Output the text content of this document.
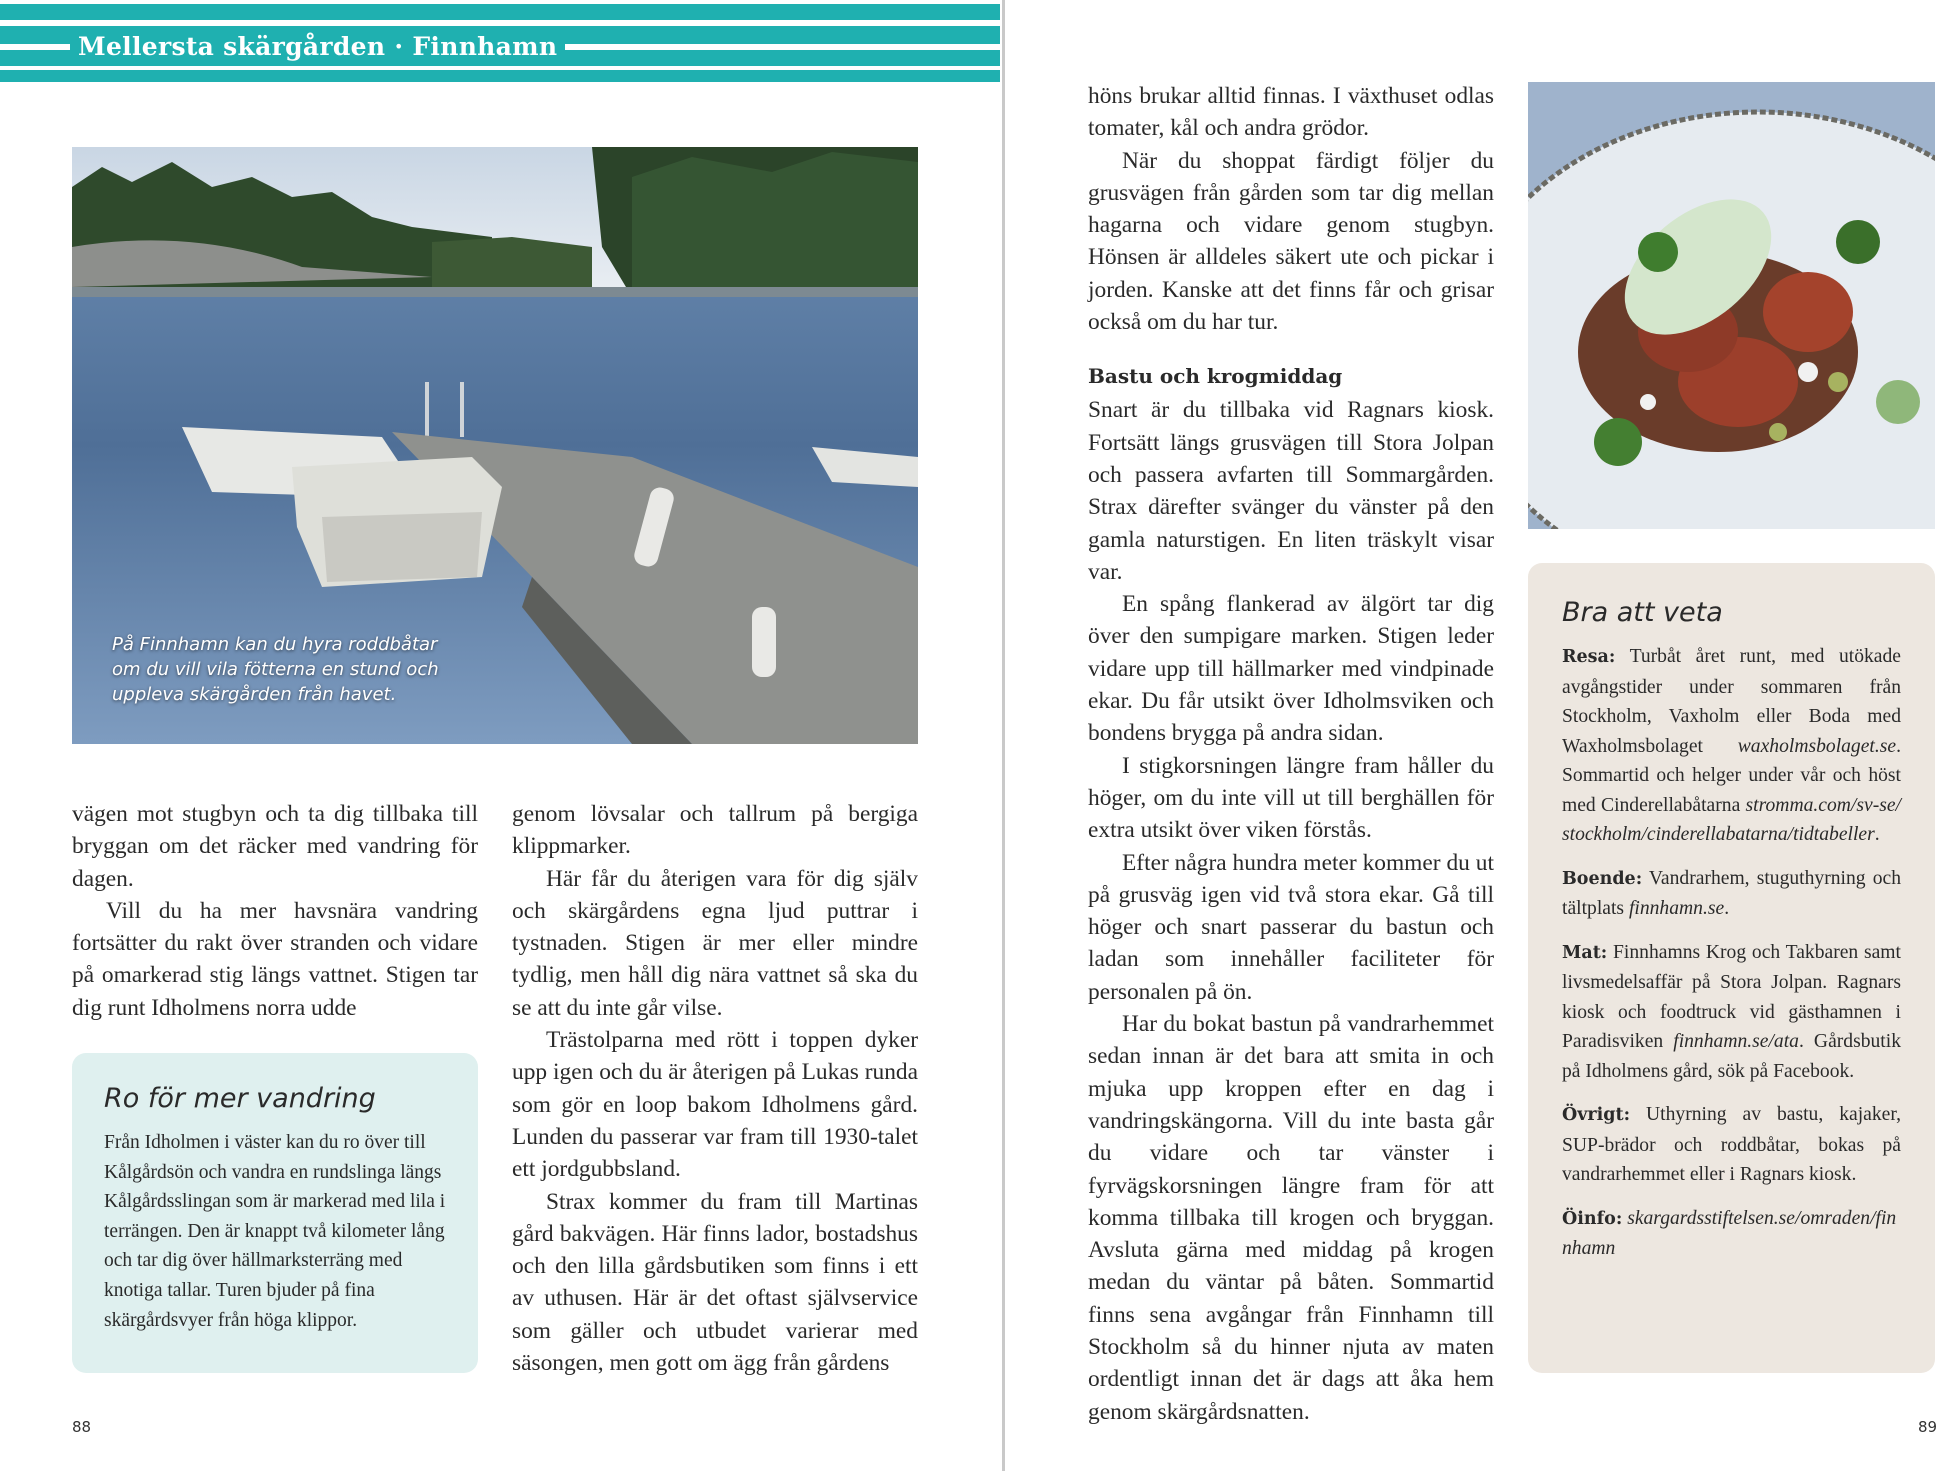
Mellersta skärgården · Finnhamn
På Finnhamn kan du hyra roddbåtar om du vill vila fötterna en stund och uppleva skärgården från havet.

vägen mot stugbyn och ta dig tillbaka till bryggan om det räcker med vandring för dagen.

Vill du ha mer havsnära vandring fortsätter du rakt över stranden och vidare på omarkerad stig längs vattnet. Stigen tar dig runt Idholmens norra udde

genom lövsalar och tallrum på bergiga klippmarker.

Här får du återigen vara för dig själv och skärgårdens egna ljud puttrar i tystnaden. Stigen är mer eller mindre tydlig, men håll dig nära vattnet så ska du se att du inte går vilse.

Trästolparna med rött i toppen dyker upp igen och du är återigen på Lukas runda som gör en loop bakom Idholmens gård. Lunden du passerar var fram till 1930-talet ett jordgubbsland.

Strax kommer du fram till Martinas gård bakvägen. Här finns lador, bostadshus och den lilla gårdsbutiken som finns i ett av uthusen. Här är det oftast självservice som gäller och utbudet varierar med säsongen, men gott om ägg från gårdens

Ro för mer vandring

Från Idholmen i väster kan du ro över till Kålgårdsön och vandra en rundslinga längs Kålgårdsslingan som är markerad med lila i terrängen. Den är knappt två kilometer lång och tar dig över hällmarksterräng med knotiga tallar. Turen bjuder på fina skärgårdsvyer från höga klippor.

88

höns brukar alltid finnas. I växthuset odlas tomater, kål och andra grödor.

När du shoppat färdigt följer du grusvägen från gården som tar dig mellan hagarna och vidare genom stugbyn. Hönsen är alldeles säkert ute och pickar i jorden. Kanske att det finns får och grisar också om du har tur.

Bastu och krogmiddag

Snart är du tillbaka vid Ragnars kiosk. Fortsätt längs grusvägen till Stora Jolpan och passera avfarten till Sommargården. Strax därefter svänger du vänster på den gamla naturstigen. En liten träskylt visar var.

En spång flankerad av älgört tar dig över den sumpigare marken. Stigen leder vidare upp till hällmarker med vindpinade ekar. Du får utsikt över Idholmsviken och bondens brygga på andra sidan.

I stigkorsningen längre fram håller du höger, om du inte vill ut till berghällen för extra utsikt över viken förstås.

Efter några hundra meter kommer du ut på grusväg igen vid två stora ekar. Gå till höger och snart passerar du bastun och ladan som innehåller faciliteter för personalen på ön.

Har du bokat bastun på vandrarhemmet sedan innan är det bara att smita in och mjuka upp kroppen efter en dag i vandringskängorna. Vill du inte basta går du vidare och tar vänster i fyrvägskorsningen längre fram för att komma tillbaka till krogen och bryggan. Avsluta gärna med middag på krogen medan du väntar på båten. Sommartid finns sena avgångar från Finnhamn till Stockholm så du hinner njuta av maten ordentligt innan det är dags att åka hem genom skärgårdsnatten.

Bra att veta

Resa: Turbåt året runt, med utökade avgångstider under sommaren från Stockholm, Vaxholm eller Boda med Waxholmsbolaget waxholmsbolaget.se. Sommartid och helger under vår och höst med Cinderellabåtarna stromma.com/sv-se/stockholm/cinderellabatarna/tidtabeller.

Boende: Vandrarhem, stuguthyrning och tältplats finnhamn.se.

Mat: Finnhamns Krog och Takbaren samt livsmedelsaffär på Stora Jolpan. Ragnars kiosk och foodtruck vid gästhamnen i Paradisviken finnhamn.se/ata. Gårdsbutik på Idholmens gård, sök på Facebook.

Övrigt: Uthyrning av bastu, kajaker, SUP-brädor och roddbåtar, bokas på vandrarhemmet eller i Ragnars kiosk.

Öinfo: skargardsstiftelsen.se/omraden/finnhamn

89
